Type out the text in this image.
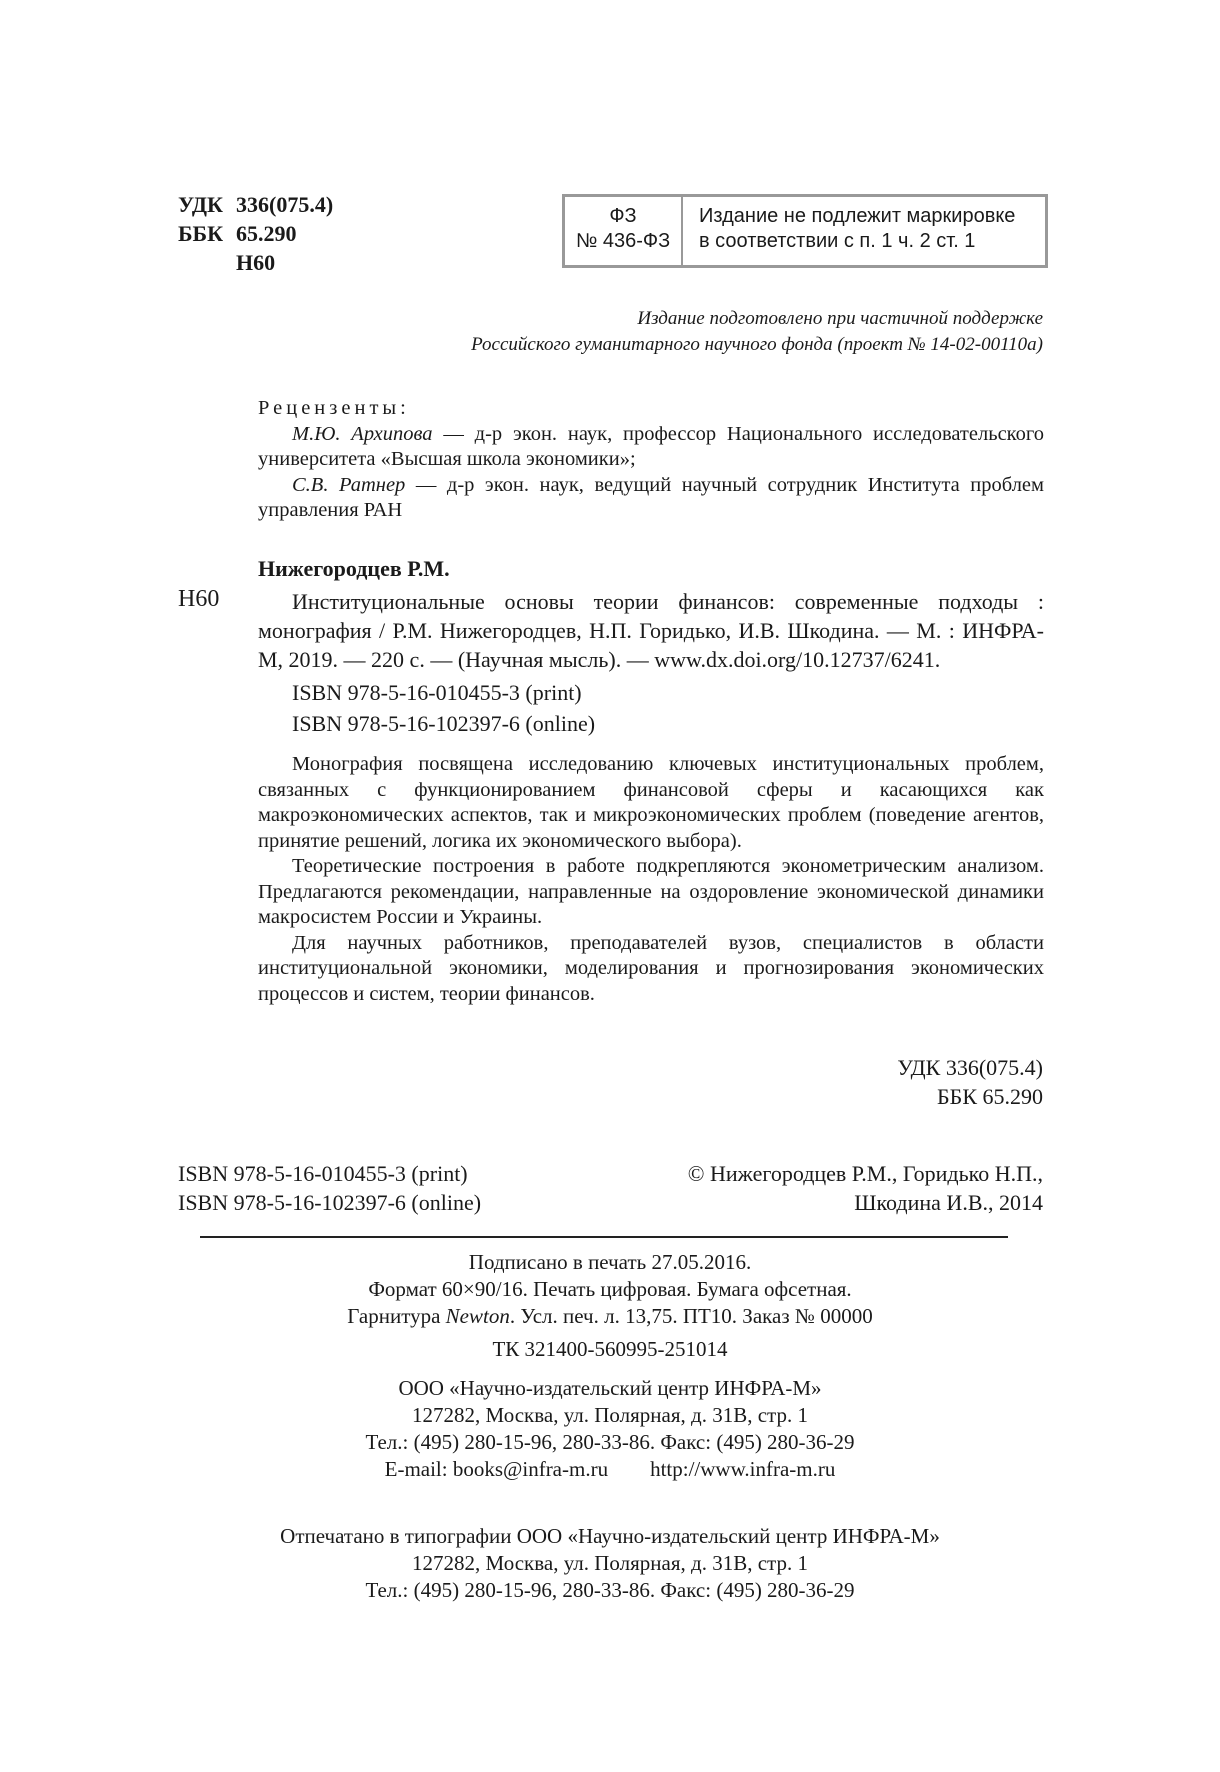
УДК 336(075.4)
ББК 65.290
Н60
ФЗ
№ 436-ФЗ
Издание не подлежит маркировке
в соответствии с п. 1 ч. 2 ст. 1
Издание подготовлено при частичной поддержке
Российского гуманитарного научного фонда (проект № 14-02-00110а)
Рецензенты:

М.Ю. Архипова — д-р экон. наук, профессор Национального исследовательского университета «Высшая школа экономики»;

С.В. Ратнер — д-р экон. наук, ведущий научный сотрудник Института проблем управления РАН

Нижегородцев Р.М.
Н60	Институциональные основы теории финансов: современные подходы : монография / Р.М. Нижегородцев, Н.П. Горидько, И.В. Шкодина. — М. : ИНФРА-М, 2019. — 220 с. — (Научная мысль). — www.dx.doi.org/10.12737/6241.

ISBN 978-5-16-010455-3 (print)
ISBN 978-5-16-102397-6 (online)

Монография посвящена исследованию ключевых институциональных проблем, связанных с функционированием финансовой сферы и касающихся как макроэкономических аспектов, так и микроэкономических проблем (поведение агентов, принятие решений, логика их экономического выбора).

Теоретические построения в работе подкрепляются эконометрическим анализом. Предлагаются рекомендации, направленные на оздоровление экономической динамики макросистем России и Украины.

Для научных работников, преподавателей вузов, специалистов в области институциональной экономики, моделирования и прогнозирования экономических процессов и систем, теории финансов.

УДК 336(075.4)
ББК 65.290
ISBN 978-5-16-010455-3 (print)
ISBN 978-5-16-102397-6 (online)
© Нижегородцев Р.М., Горидько Н.П.,
Шкодина И.В., 2014
Подписано в печать 27.05.2016.
Формат 60×90/16. Печать цифровая. Бумага офсетная.
Гарнитура Newton. Усл. печ. л. 13,75. ПТ10. Заказ № 00000
ТК 321400-560995-251014
ООО «Научно-издательский центр ИНФРА-М»
127282, Москва, ул. Полярная, д. 31В, стр. 1
Тел.: (495) 280-15-96, 280-33-86. Факс: (495) 280-36-29
E-mail: books@infra-m.ru http://www.infra-m.ru
Отпечатано в типографии ООО «Научно-издательский центр ИНФРА-М»
127282, Москва, ул. Полярная, д. 31В, стр. 1
Тел.: (495) 280-15-96, 280-33-86. Факс: (495) 280-36-29
